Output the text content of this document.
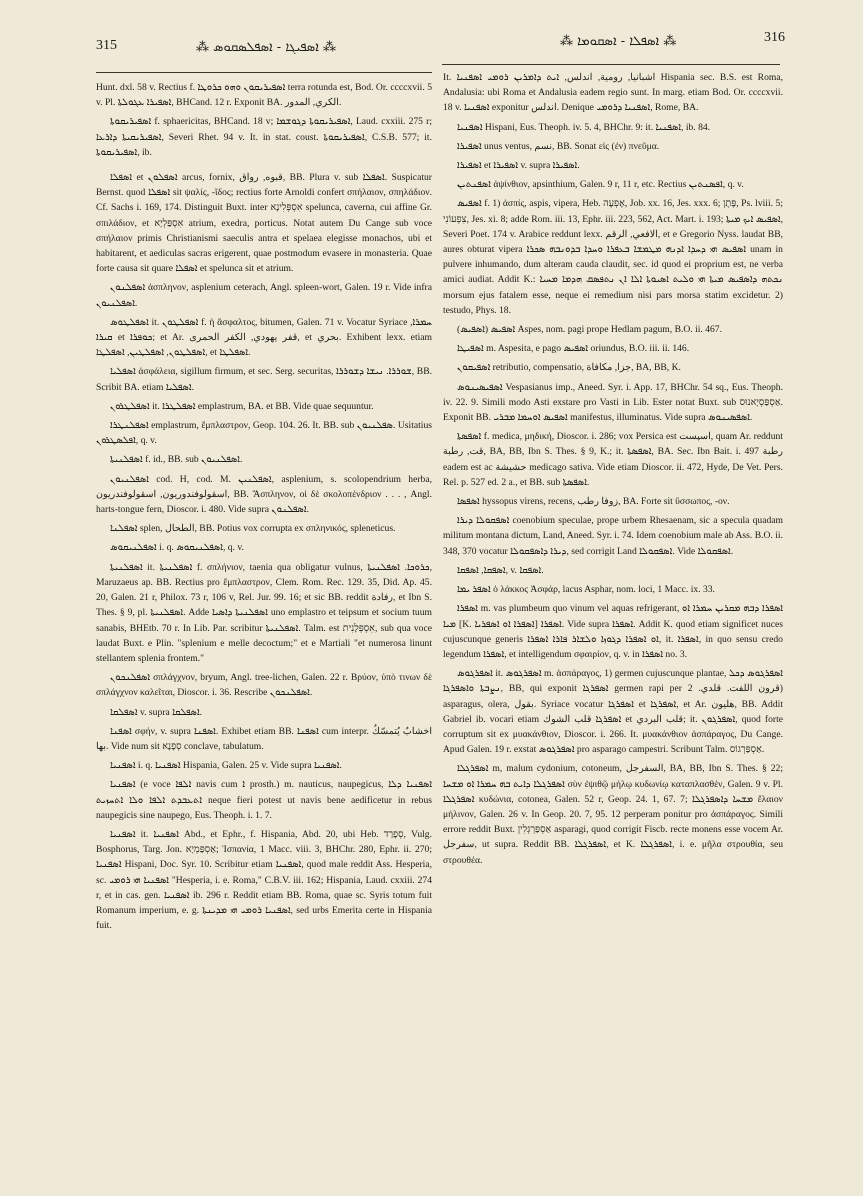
315	⁂ ܐܣܦܝܓܐ - ܐܣܦܠܣܩܘܣ ⁂	⁂ ܐܣܦܠܐ - ܐܣܩܘܡܐ ⁂	316

Hunt. dxl. 58 v. Rectius f. ܐܣܦܝܪܝܩܘܢ ܘܗܘ ܟܪܘܛܐ terra rotunda est, Bod. Or. ccccxvii. 5 v. Pl. ܐܣܦܝܪܐ ܥܓܘܠܬܐ, BHCand. 12 r. Exponit BA. الكري, المدور.

ܐܣܦܝܪܝܩܘܬܐ f. sphaericitas, BHCand. 18 v; ܐܣܦܝܪܝܩܘܬܐ ܕܓܘܫܡܐ, Laud. cxxiii. 275 r; ܐܣܦܝܪܝܩܝܬܐ ܕܐܪܥܐ, Severi Rhet. 94 v. It. in stat. coust. ܐܣܦܝܪܝܩܘܬܐ, C.S.B. 577; it. ܐܣܦܝܪܝܩܘܬܐ, ib.

ܐܣܦܠܐ et ܐܣܦܠܘܢ arcus, fornix, قبوه, رواق, BB. Plura v. sub ܐܣܦܠܐ. Suspicatur Bernst. quod ܐܣܦܠܐ sit ψαλίς, -ῖδος; rectius forte Arnoldi confert σπήλαιον, σπηλάδιον. Cf. Sachs i. 169, 174. Distinguit Buxt. inter אִסְפְּלִינָא spelunca, caverna, cui affine Gr. σπιλάδιον, et אִסְפַּלְיָא atrium, exedra, porticus. Notat autem Du Cange sub voce σπήλαιον primis Christianismi saeculis antra et spelaea elegisse monachos, ubi et habitarent, et aediculas sacras erigerent, quae postmodum evasere in monasteria. Quae forte causa sit quare ܐܣܦܠܐ et spelunca sit et atrium.

ܐܣܦܠܢܘܢ ἀσπληνον, asplenium ceterach, Angl. spleen-wort, Galen. 19 r. Vide infra ܐܣܦܠܢܝܘܢ.

ܐܣܦܠܛܘܣ it. ܐܣܦܠܛܘܢ f. ἡ ἄσφαλτος, bitumen, Galen. 71 v. Vocatur Syriace ܚܡܪܐ, ܩܝܪܐ et ܟܘܦܪܐ; et Ar. قفر يهودي, الكفر الحمرى, et بحري. Exhibent lexx. etiam ܐܣܦܠܛܘܢ, ܐܣܦܠܛܝܢ, ܐܣܦܠܛܐ, et ܐܣܦܠܛܐ.

ܐܣܦܠܝܐ ἀσφάλεια, sigillum firmum, et sec. Serg. securitas, ܫܘܪܪܐ. ܢܝܫܐ ܕܫܘܪܪܐ, BB. Scribit BA. etiam ܐܣܦܠܝܐ.

ܐܣܦܠܛܪܘܢ it. ܐܣܦܠܛܪܐ emplastrum, BA. et BB. Vide quae sequuntur.

ܐܣܦܠܢܛܪܐ emplastrum, ἔμπλαστρον, Geop. 104. 26. It. BB. sub ܣܦܠܢܝܘܢ. Usitatius ܐܦܠܣܛܪܘܢ, q. v.

ܐܣܦܠܢܝܬܐ f. id., BB. sub ܐܣܦܠܢܝܘܢ.

ܐܣܦܠܢܝܘܢ cod. H, cod. M. ܐܣܦܠܢܝܢ, asplenium, s. scolopendrium herba, اسقولوفندوريون, اسقولوفندريون, BB. Ἄσπληνον, οἱ δὲ σκολοπένδριον . . . , Angl. harts-tongue fern, Dioscor. i. 480. Vide supra ܐܣܦܠܢܘܢ.

ܐܣܦܠܢܐ splen, الطحال, BB. Potius vox corrupta ex σπληνικός, spleneticus.

ܐܣܦܠܢܝܩܘܣ i. q. ܐܣܦܠܢܝܩܘܣ, q. v.

ܐܣܦܠܢܝܬܐ it. ܐܣܦܠܢܝܬܐ f. σπλήνιον, taenia qua obligatur vulnus, ܟܪܘܟܐ. ܐܣܦܠܢܝܬܐ, Maruzaeus ap. BB. Rectius pro ἔμπλαστρον, Clem. Rom. Rec. 129. 35, Did. Ap. 45. 20, Galen. 21 r, Philox. 73 r, 106 v, Rel. Jur. 99. 16; et sic BB. reddit رفادة, et Ibn S. Thes. § 9, pl. ܐܣܦܠܢܝܬܐ. Adde ܐܣܦܠܢܝܬܐ ܕܐܣܝܐ uno emplastro et teipsum et socium tuum sanabis, BHEtb. 70 r. In Lib. Par. scribitur ܐܣܦܠܢܝܬܐ. Talm. est אִסְפְּלָנִית, sub qua voce laudat Buxt. e Plin. "splenium e melle decoctum;" et e Martiali "et numerosa linunt stellantem splenia frontem."

ܐܣܦܠܢܟܘܢ σπλάγχνον, bryum, Angl. tree-lichen, Galen. 22 r. Βρύον, ὑπὸ τινων δὲ σπλάγχνον καλεῖται, Dioscor. i. 36. Rescribe ܐܣܦܠܢܟܘܢ.

ܐܣܦܠܩܐ v. supra ܐܣܦܠܩܐ.

ܐܣܦܢܐ σφήν, v. supra ܐܣܦܢܐ. Exhibet etiam BB. ܐܣܦܢܐ cum interpr. اخشابٌ يُتمسّكُ بها. Vide num sit סְפָנָא conclave, tabulatum.

ܐܣܦܢܝܐ i. q. ܐܣܦܢܝܐ Hispania, Galen. 25 v. Vide supra ܐܣܦܢܝܐ.

ܐܣܦܢܝܐ (e voce ܐܠܦܐ navis cum ܐ prosth.) m. nauticus, naupegicus, ܐܣܦܢܝܐ ܕܠܐ ܐܬܥܒܕܬ ܐܠܦܐ ܘܠܐ ܐܬܚܙܝܬ neque fieri potest ut navis bene aedificetur in rebus naupegicis sine naupego, Eus. Theoph. i. 1. 7.

ܐܣܦܢܝܐ it. ܐܣܦܢܝܐ Abd., et Ephr., f. Hispania, Abd. 20, ubi Heb. סְפָרַד, Vulg. Bosphorus, Targ. Jon. אַסְפַּמְיָא; Ἱσπανία, 1 Macc. viii. 3, BHChr. 280, Ephr. ii. 270; ܐܣܦܢܝܐ Hispani, Doc. Syr. 10. Scribitur etiam ܐܣܦܢܝܐ, quod male reddit Ass. Hesperia, sc. ܐܣܦܢܝܐ ܗܝ ܪܘܡܝ "Hesperia, i. e. Roma," C.B.V. iii. 162; Hispania, Laud. cxxiii. 274 r, et in cas. gen. ܐܣܦܢܝܐ ib. 296 r. Reddit etiam BB. Roma, quae sc. Syris totum fuit Romanum imperium, e. g. ܐܣܦܢܝܐ ܪܘܡܝ ܗܝ ܡܕܝܢܬܐ, sed urbs Emerita certe in Hispania fuit.

It. اشبانيا, رومية, اندلس, ܐܝܬ ܕܐܡܪܝܢ ܪܘܡܝ ܐܣܦܢܝܐ Hispania sec. B.S. est Roma, Andalusia: ubi Roma et Andalusia eadem regio sunt. In marg. etiam Bod. Or. ccccxvii. 18 v. ܐܣܦܢܝܐ exponitur اندلس. Denique ܐܣܦܢܝܐ ܕܪܘܡܝ, Rome, BA.

ܐܣܦܢܝܐ Hispani, Eus. Theoph. iv. 5. 4, BHChr. 9: it. ܐܣܦܢܝܐ, ib. 84.

ܐܣܦܝܪܐ unus ventus, نسم, BB. Sonat εἰς (ἐν) πνεῦμα.

ܐܣܦܝܪܐ et ܐܣܦܝܪܐ v. supra ܐܣܦܝܪܐ.

ܐܣܦܢܬܝܢ ἀψίνθιον, apsinthium, Galen. 9 r, 11 r, etc. Rectius ܐܦܣܢܬܝܢ, q. v.

ܐܣܦܝܣ f. 1) ἀσπίς, aspis, vipera, Heb. אֶפְעֶה, Job. xx. 16, Jes. xxx. 6; פֶּתֶן, Ps. lviii. 5; צִפְעוֹנִי, Jes. xi. 8; adde Rom. iii. 13, Ephr. iii. 223, 562, Act. Mart. i. 193; ܐܣܦܝܣ ܐܝܟ ܡܝܬܐ, Severi Poet. 174 v. Arabice reddunt lexx. الافعي, الرقم, et e Gregorio Nyss. laudat BB, aures obturat vipera ܐܣܦܝܣ ܗܝ ܕܚܕܐ ܐܕܢܗ ܡܛܡܫܐ ܒܥܦܪܐ ܘܚܕܐ ܒܕܘܢܒܗ ܣܟܪܐ unam in pulvere inhumando, dum alteram cauda claudit, sec. id quod ei proprium est, ne verba amici audiat. Addit K.: ܢܟܬܗ ܕܐܣܦܝܣ ܡܝܬܐ ܗܝ ܘܠܝܬ ܐܣܝܘܬܐ ܐܠܐ ܐܢ ܢܬܦܣܩ ܗܕܡܐ ܡܚܝܐ morsum ejus fatalem esse, neque ei remedium nisi pars morsa statim excidetur. 2) testudo, Phys. 18.

ܐܣܦܝܣ (ܐܣܦܝܣ) Aspes, nom. pagi prope Hedlam pagum, B.O. ii. 467.

ܐܣܦܝܛܐ m. Aspesita, e pago ܐܣܦܝܣ oriundus, B.O. iii. ii. 146.

ܐܣܦܝܩܘܢ retributio, compensatio, جزا, مكافاة, BA, BB, K.

ܐܣܦܝܣܝܢܘܣ Vespasianus imp., Aneed. Syr. i. App. 17, BHChr. 54 sq., Eus. Theoph. iv. 22. 9. Simili modo Asti exstare pro Vasti in Lib. Ester notat Buxt. sub אַסְפַּסְיָאנוּס. Exponit BB. ܐܣܦܝܣ ܐܘܚܡܐ ܡܒܪܝ manifestus, illuminatus. Vide supra ܐܣܦܣܝܢܘܣ.

ܐܣܦܣܬܐ f. medica, μηδική, Dioscor. i. 286; vox Persica est اسپست, quam Ar. reddunt قت, رطبة, BA, BB, Ibn S. Thes. § 9, K.; it. ܐܣܦܣܬܐ, BA. Sec. Ibn Bait. i. 497 رطبة eadem est ac حشيشة medicago sativa. Vide etiam Dioscor. ii. 472, Hyde, De Vet. Pers. Rel. p. 527 ed. 2 a., et BB. sub ܐܣܦܣܬܐ.

ܐܣܦܣܐ hyssopus virens, recens, زوفا رطب, BA. Forte sit ὕσσωπος, -ον.

ܐܣܦܩܘܠܐ ܕܝܪܐ coenobium speculae, prope urbem Rhesaenam, sic a specula quadam militum montana dictum, Land, Aneed. Syr. i. 74. Idem coenobium male ab Ass. B.O. ii. 348, 370 vocatur ܕܝܪܐ ܕܐܣܦܩܘܠܐ, sed corrigit Land ܐܣܦܩܘܠܐ. Vide ܐܣܦܩܘܠܐ.

ܐܣܦܩܐ, ܐܣܦܩܐ, v. ܐܣܦܩܐ.

ܐܣܦܪ ܝܡܐ ὁ λάκκος Ἀσφάρ, lacus Asphar, nom. loci, 1 Macc. ix. 33.

ܐܣܦܪܐ m. vas plumbeum quo vinum vel aquas refrigerant, ܐܣܦܪܐ ܕܒܗ ܡܩܪܝܢ ܚܡܪܐ ܐܘ ܡܝܐ [K. ܐܣܦܪܐ ܐܘ ܐܣܦܪܝܐ] ܐܣܦܪܐ. Vide supra ܐܣܦܪܐ. Addit K. quod etiam significet nuces cujuscunque generis ܐܘ ܐܣܦܪܐ ܕܓܘܙܐ ܘܠܫܐܪ ܦܐܪܐ ܐܣܦܪܐ, it. ܐܣܦܪܐ, in quo sensu credo legendum ܐܣܦܪܐ, et intelligendum σφαιρίον, q. v. in ܐܣܦܪܐ no. 3.

ܐܣܦܪܓܘܣ it. ܐܣܦܪܓܘܣ m. ἀσπάραγος, 1) germen cujuscunque plantae, ܐܣܦܪܓܘܣ ܕܟܠ ܢܨܒܬܐ ܘܐܣܦܪܓܐ, BB, qui exponit ܐܣܦܪܓܐ germen rapi per قرون اللفت. قلدي. 2) asparagus, olera, بقول. Syriace vocatur ܐܣܦܪܓܐ et ܐܣܦܪܓܐ, et Ar. هليون, BB. Addit Gabriel ib. vocari etiam ܐܣܦܪܓܐ قلب الشوك et قلب البردي; it. ܐܣܦܪܓܘܢ, quod forte corruptum sit ex μυακάνθιον, Dioscor. i. 266. It. μυακάνθιον ἀσπάραγος, Du Cange. Apud Galen. 19 r. exstat ܐܣܦܪܓܘܣ pro asparago campestri. Scribunt Talm. אַסְפַּרְגוֹס.

ܐܣܦܪܓܠܐ m, malum cydonium, cotoneum, السفرجل, BA, BB, Ibn S. Thes. § 22; ܐܣܦܪܓܠܐ ܕܐܝܬ ܒܗ ܚܡܪܐ ܐܘ ܡܫܚܐ σὺν ἐψιθῷ μήλῳ κυδωνίῳ καταπλασθέν, Galen. 9 v. Pl. ܐܣܦܪܓܠܐ κυδώνια, cotonea, Galen. 52 r, Geop. 24. 1, 67. 7; ܡܫܚܐ ܕܐܣܦܪܓܠܐ ἔλαιον μήλινον, Galen. 26 v. In Geop. 20. 7, 95. 12 perperam ponitur pro ἀσπάραγος. Simili errore reddit Buxt. אַסְפַּרְגְּלִין asparagi, quod corrigit Fiscb. recte monens esse vocem Ar. سفرجل, ut supra. Reddit BB. ܐܣܦܪܓܠܐ, et K. ܐܣܦܪܓܠܐ, i. e. μῆλα στρουθία, seu στρουθέα.
